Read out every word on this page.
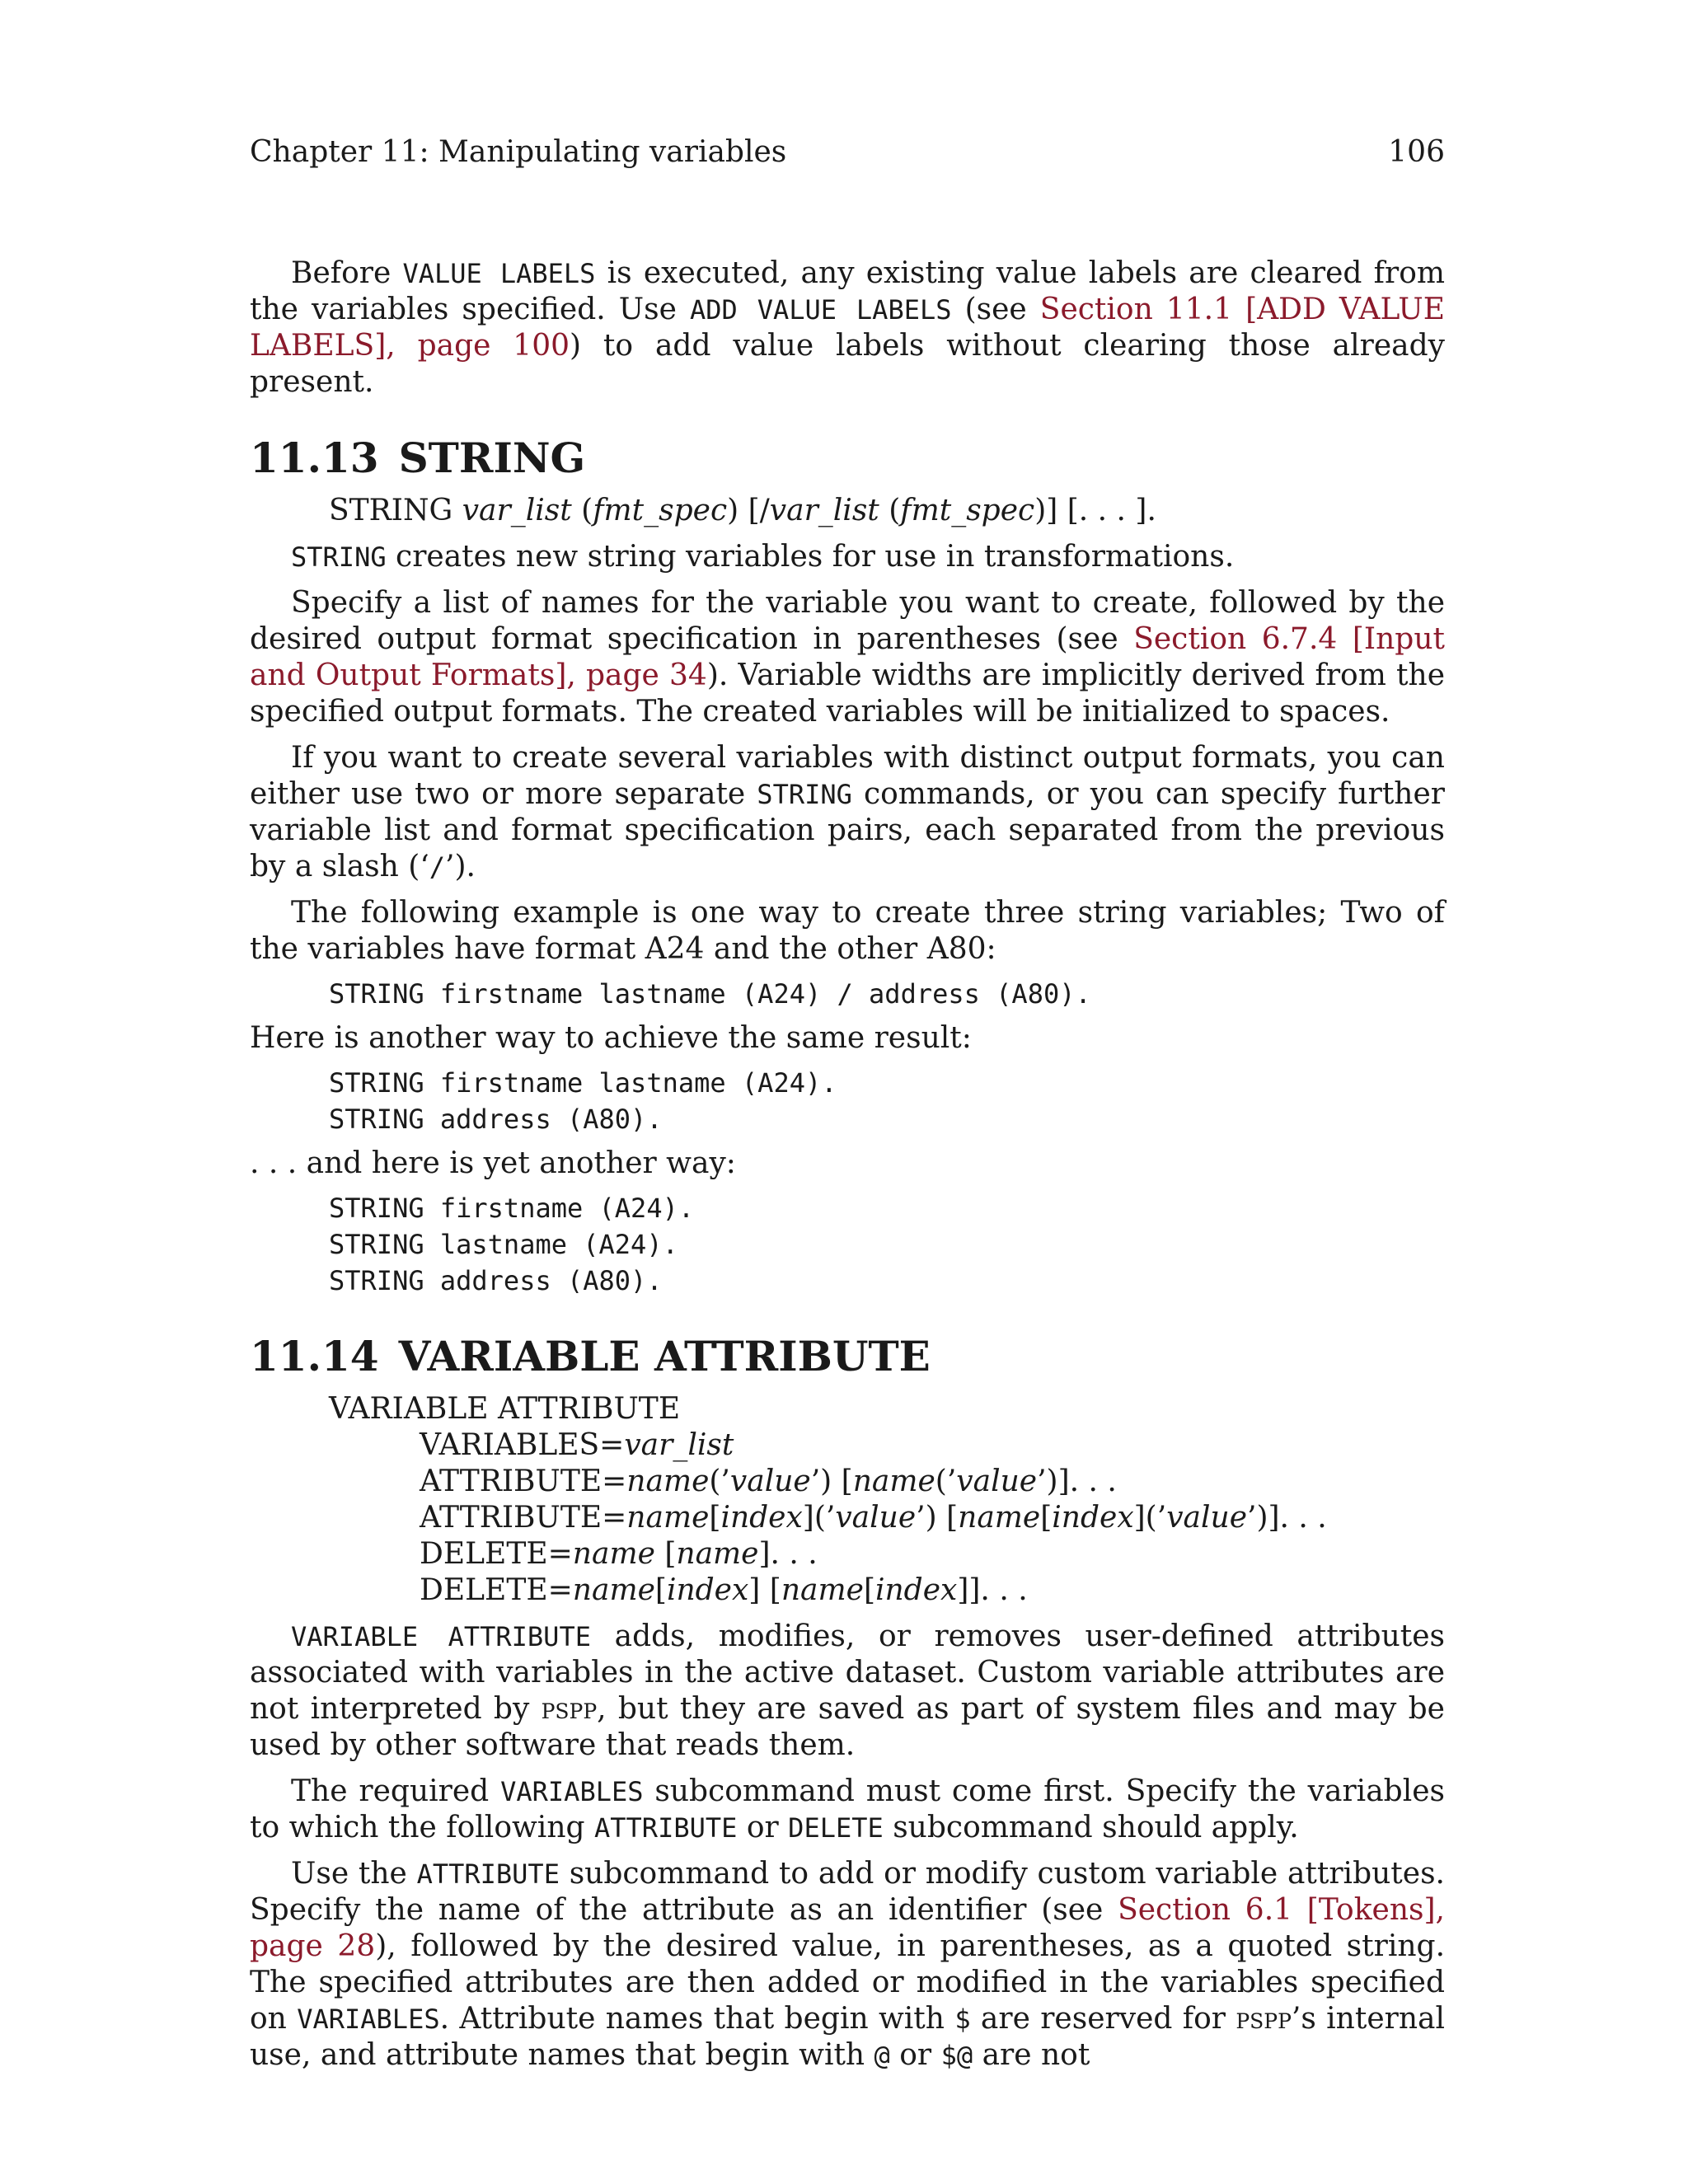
Chapter 11: Manipulating variables	106

Before VALUE LABELS is executed, any existing value labels are cleared from the variables specified. Use ADD VALUE LABELS (see Section 11.1 [ADD VALUE LABELS], page 100) to add value labels without clearing those already present.

11.13 STRING
STRING var_list (fmt_spec) [/var_list (fmt_spec)] [. . . ].

STRING creates new string variables for use in transformations.

Specify a list of names for the variable you want to create, followed by the desired output format specification in parentheses (see Section 6.7.4 [Input and Output Formats], page 34). Variable widths are implicitly derived from the specified output formats. The created variables will be initialized to spaces.

If you want to create several variables with distinct output formats, you can either use two or more separate STRING commands, or you can specify further variable list and format specification pairs, each separated from the previous by a slash (‘/’).

The following example is one way to create three string variables; Two of the variables have format A24 and the other A80:

STRING firstname lastname (A24) / address (A80).

Here is another way to achieve the same result:

STRING firstname lastname (A24).
STRING address (A80).

. . . and here is yet another way:

STRING firstname (A24).
STRING lastname (A24).
STRING address (A80).
11.14 VARIABLE ATTRIBUTE
VARIABLE ATTRIBUTE
VARIABLES=var_list
ATTRIBUTE=name(’value’) [name(’value’)]. . .
ATTRIBUTE=name[index](’value’) [name[index](’value’)]. . .
DELETE=name [name]. . .
DELETE=name[index] [name[index]]. . .

VARIABLE ATTRIBUTE adds, modifies, or removes user-defined attributes associated with variables in the active dataset. Custom variable attributes are not interpreted by pspp, but they are saved as part of system files and may be used by other software that reads them.

The required VARIABLES subcommand must come first. Specify the variables to which the following ATTRIBUTE or DELETE subcommand should apply.

Use the ATTRIBUTE subcommand to add or modify custom variable attributes. Specify the name of the attribute as an identifier (see Section 6.1 [Tokens], page 28), followed by the desired value, in parentheses, as a quoted string. The specified attributes are then added or modified in the variables specified on VARIABLES. Attribute names that begin with $ are reserved for pspp’s internal use, and attribute names that begin with @ or $@ are not
